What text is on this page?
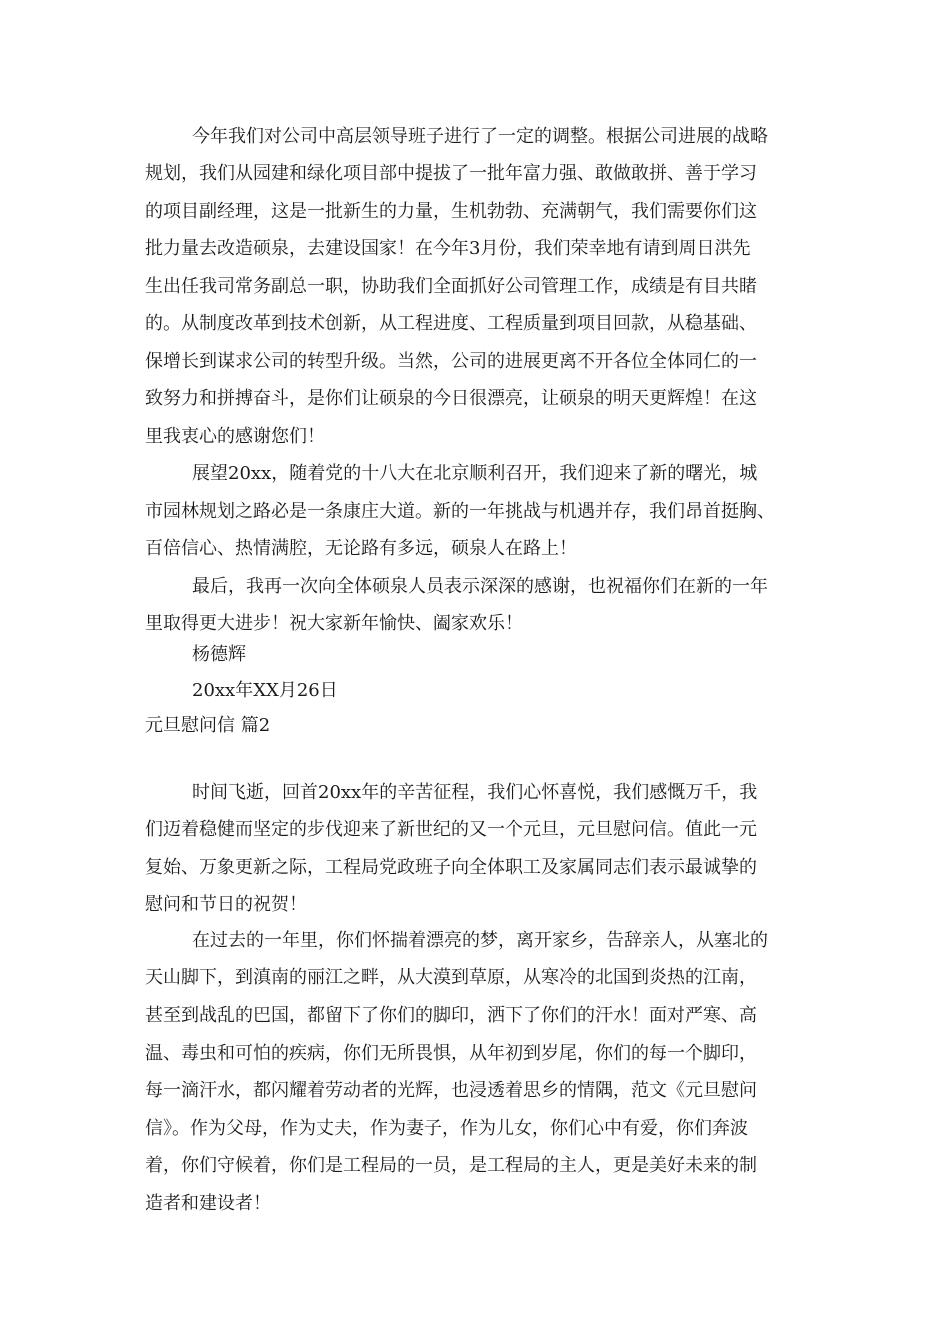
今年我们对公司中高层领导班子进行了一定的调整。根据公司进展的战略
规划，我们从园建和绿化项目部中提拔了一批年富力强、敢做敢拼、善于学习
的项目副经理，这是一批新生的力量，生机勃勃、充满朝气，我们需要你们这
批力量去改造硕泉，去建设国家！在今年3月份，我们荣幸地有请到周日洪先
生出任我司常务副总一职，协助我们全面抓好公司管理工作，成绩是有目共睹
的。从制度改革到技术创新，从工程进度、工程质量到项目回款，从稳基础、
保增长到谋求公司的转型升级。当然，公司的进展更离不开各位全体同仁的一
致努力和拼搏奋斗，是你们让硕泉的今日很漂亮，让硕泉的明天更辉煌！在这
里我衷心的感谢您们！
展望20xx，随着党的十八大在北京顺利召开，我们迎来了新的曙光，城
市园林规划之路必是一条康庄大道。新的一年挑战与机遇并存，我们昂首挺胸、
百倍信心、热情满腔，无论路有多远，硕泉人在路上！
最后，我再一次向全体硕泉人员表示深深的感谢，也祝福你们在新的一年
里取得更大进步！祝大家新年愉快、阖家欢乐！
杨德辉
20xx年XX月26日
元旦慰问信 篇2
时间飞逝，回首20xx年的辛苦征程，我们心怀喜悦，我们感慨万千，我
们迈着稳健而坚定的步伐迎来了新世纪的又一个元旦，元旦慰问信。值此一元
复始、万象更新之际，工程局党政班子向全体职工及家属同志们表示最诚挚的
慰问和节日的祝贺！
在过去的一年里，你们怀揣着漂亮的梦，离开家乡，告辞亲人，从塞北的
天山脚下，到滇南的丽江之畔，从大漠到草原，从寒冷的北国到炎热的江南，
甚至到战乱的巴国，都留下了你们的脚印，洒下了你们的汗水！面对严寒、高
温、毒虫和可怕的疾病，你们无所畏惧，从年初到岁尾，你们的每一个脚印，
每一滴汗水，都闪耀着劳动者的光辉，也浸透着思乡的情隅，范文《元旦慰问
信》。作为父母，作为丈夫，作为妻子，作为儿女，你们心中有爱，你们奔波
着，你们守候着，你们是工程局的一员，是工程局的主人，更是美好未来的制
造者和建设者！
